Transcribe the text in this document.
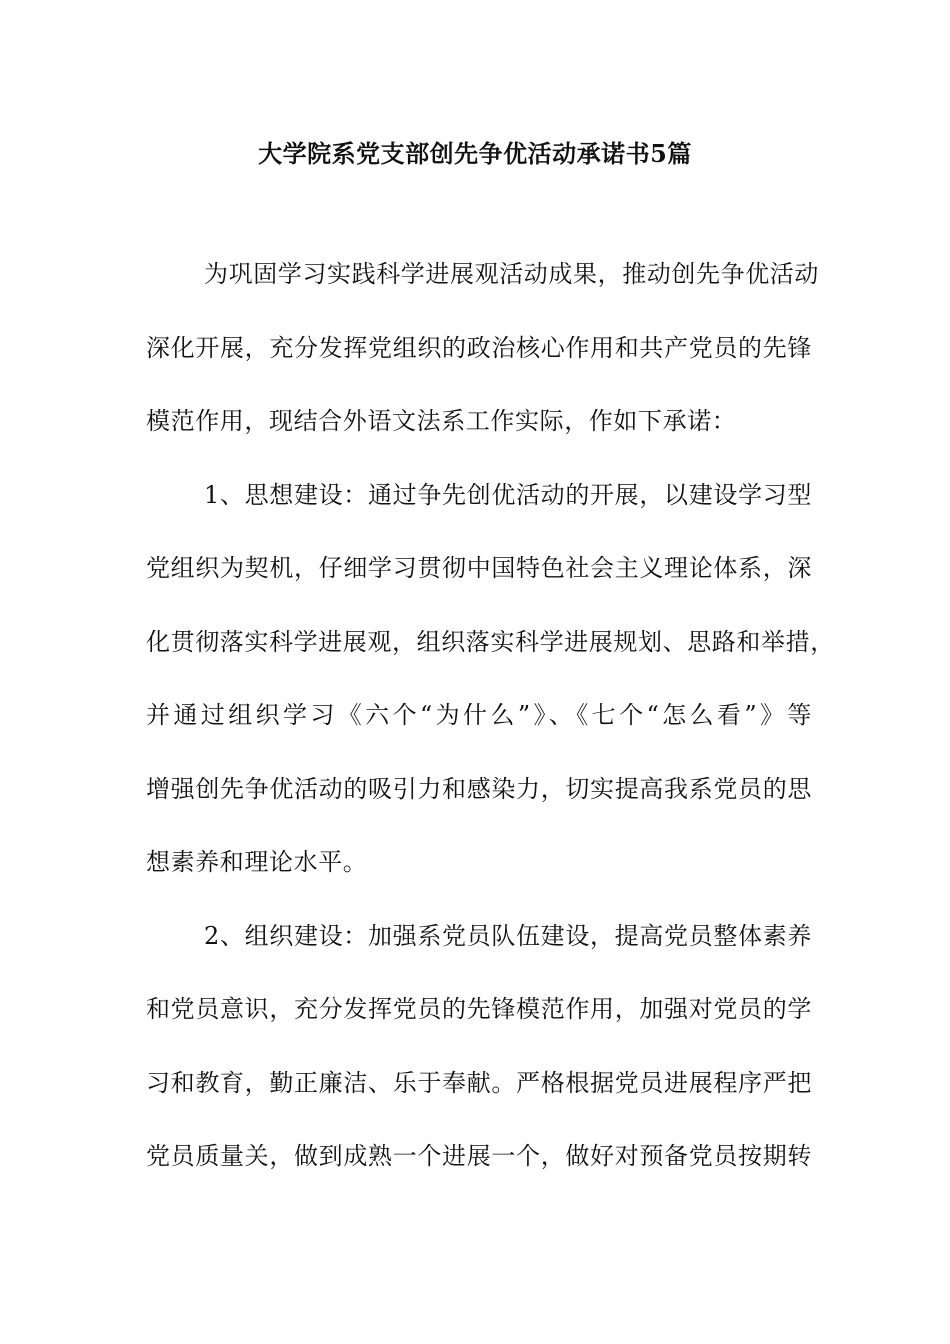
大学院系党支部创先争优活动承诺书5篇
为巩固学习实践科学进展观活动成果，推动创先争优活动
深化开展，充分发挥党组织的政治核心作用和共产党员的先锋
模范作用，现结合外语文法系工作实际，作如下承诺：
1、思想建设：通过争先创优活动的开展，以建设学习型
党组织为契机，仔细学习贯彻中国特色社会主义理论体系，深
化贯彻落实科学进展观，组织落实科学进展规划、思路和举措，
并通过组织学习《六个“为什么”》、《七个“怎么看”》等
增强创先争优活动的吸引力和感染力，切实提高我系党员的思
想素养和理论水平。
2、组织建设：加强系党员队伍建设，提高党员整体素养
和党员意识，充分发挥党员的先锋模范作用，加强对党员的学
习和教育，勤正廉洁、乐于奉献。严格根据党员进展程序严把
党员质量关，做到成熟一个进展一个，做好对预备党员按期转
